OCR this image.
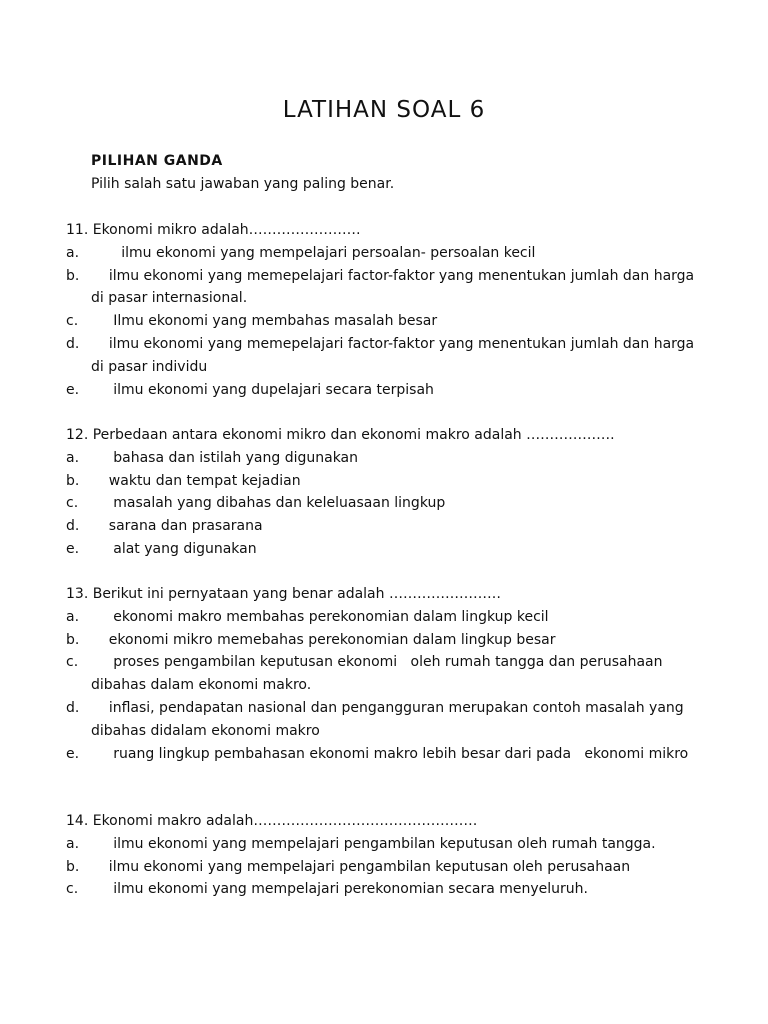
LATIHAN SOAL 6
PILIHAN GANDA
Pilih salah satu jawaban yang paling benar.
11. Ekonomi mikro adalah……………………
a.	ilmu ekonomi yang mempelajari persoalan- persoalan kecil
b. ilmu ekonomi yang memepelajari factor-faktor yang menentukan jumlah dan harga di pasar internasional.
c. Ilmu ekonomi yang membahas masalah besar
d. ilmu ekonomi yang memepelajari factor-faktor yang menentukan jumlah dan harga di pasar individu
e. ilmu ekonomi yang dupelajari secara terpisah
12. Perbedaan antara ekonomi mikro dan ekonomi makro adalah ……………….
a. bahasa dan istilah yang digunakan
b. waktu dan tempat kejadian
c. masalah yang dibahas dan keleluasaan lingkup
d. sarana dan prasarana
e. alat yang digunakan
13. Berikut ini pernyataan yang benar adalah ……………………
a. ekonomi makro membahas perekonomian dalam lingkup kecil
b. ekonomi mikro memebahas perekonomian dalam lingkup besar
c. proses pengambilan keputusan ekonomi   oleh rumah tangga dan perusahaan dibahas dalam ekonomi makro.
d. inflasi, pendapatan nasional dan pengangguran merupakan contoh masalah yang dibahas didalam ekonomi makro
e. ruang lingkup pembahasan ekonomi makro lebih besar dari pada   ekonomi mikro
14. Ekonomi makro adalah…………………………………………
a. ilmu ekonomi yang mempelajari pengambilan keputusan oleh rumah tangga.
b. ilmu ekonomi yang mempelajari pengambilan keputusan oleh perusahaan
c. ilmu ekonomi yang mempelajari perekonomian secara menyeluruh.
